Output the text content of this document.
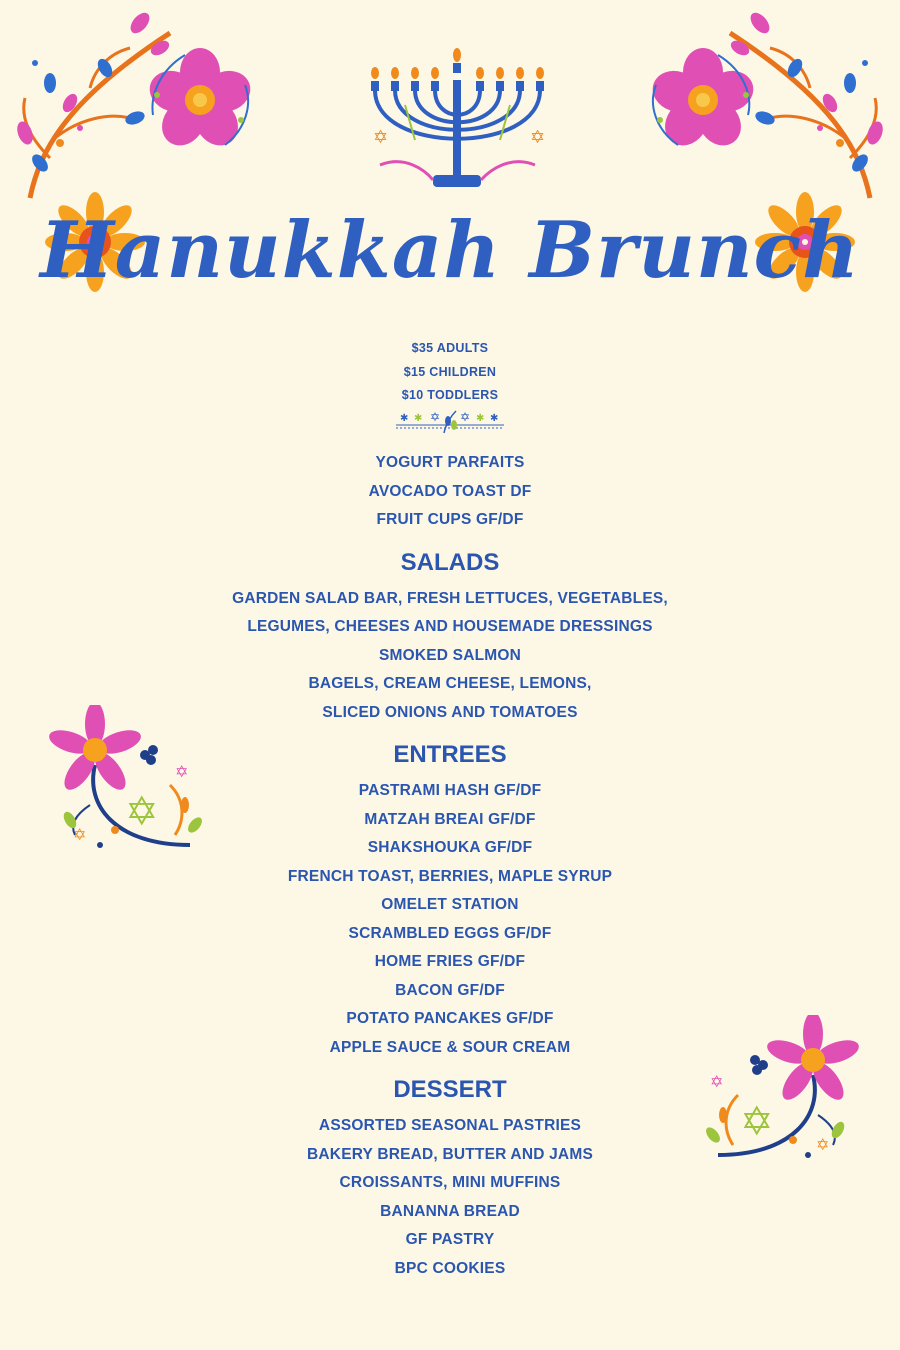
✡	✡
Hanukkah Brunch
$35 ADULTS
$15 CHILDREN
$10 TODDLERS
✱ ✱ ✡ ✡ ✱ ✱
YOGURT PARFAITS
AVOCADO TOAST DF
FRUIT CUPS GF/DF
SALADS
GARDEN SALAD BAR, FRESH LETTUCES, VEGETABLES,
LEGUMES, CHEESES AND HOUSEMADE DRESSINGS
SMOKED SALMON
BAGELS, CREAM CHEESE, LEMONS,
SLICED ONIONS AND TOMATOES
ENTREES
PASTRAMI HASH GF/DF
MATZAH BREAI GF/DF
SHAKSHOUKA GF/DF
FRENCH TOAST, BERRIES, MAPLE SYRUP
OMELET STATION
SCRAMBLED EGGS GF/DF
HOME FRIES GF/DF
BACON GF/DF
POTATO PANCAKES GF/DF
APPLE SAUCE & SOUR CREAM
DESSERT
ASSORTED SEASONAL PASTRIES
BAKERY BREAD, BUTTER AND JAMS
CROISSANTS, MINI MUFFINS
BANANNA BREAD
GF PASTRY
BPC COOKIES
✡
✡
✡
✡
✡
✡
